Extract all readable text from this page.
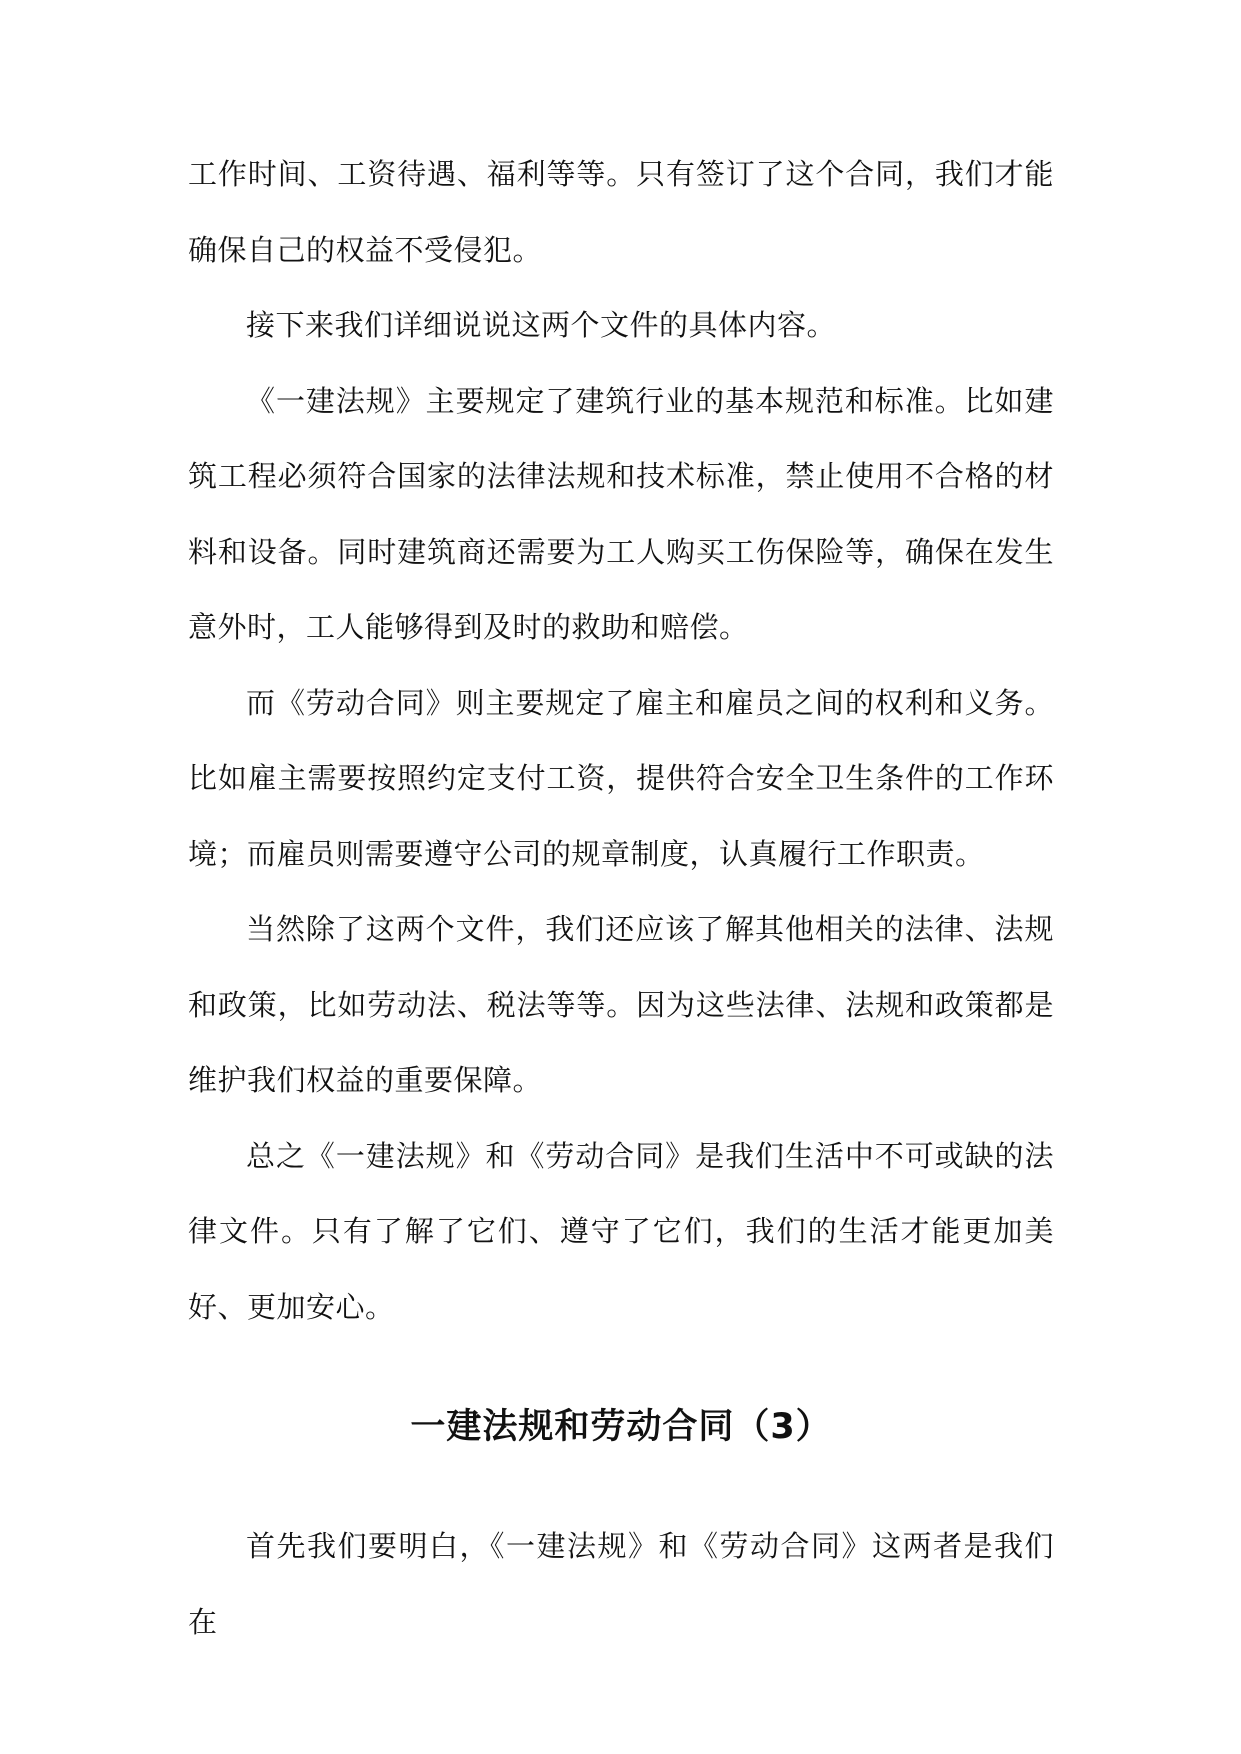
工作时间、工资待遇、福利等等。只有签订了这个合同，我们才能确保自己的权益不受侵犯。

接下来我们详细说说这两个文件的具体内容。

《一建法规》主要规定了建筑行业的基本规范和标准。比如建筑工程必须符合国家的法律法规和技术标准，禁止使用不合格的材料和设备。同时建筑商还需要为工人购买工伤保险等，确保在发生意外时，工人能够得到及时的救助和赔偿。

而《劳动合同》则主要规定了雇主和雇员之间的权利和义务。比如雇主需要按照约定支付工资，提供符合安全卫生条件的工作环境；而雇员则需要遵守公司的规章制度，认真履行工作职责。

当然除了这两个文件，我们还应该了解其他相关的法律、法规和政策，比如劳动法、税法等等。因为这些法律、法规和政策都是维护我们权益的重要保障。

总之《一建法规》和《劳动合同》是我们生活中不可或缺的法律文件。只有了解了它们、遵守了它们，我们的生活才能更加美好、更加安心。

一建法规和劳动合同（3）

首先我们要明白，《一建法规》和《劳动合同》这两者是我们在
